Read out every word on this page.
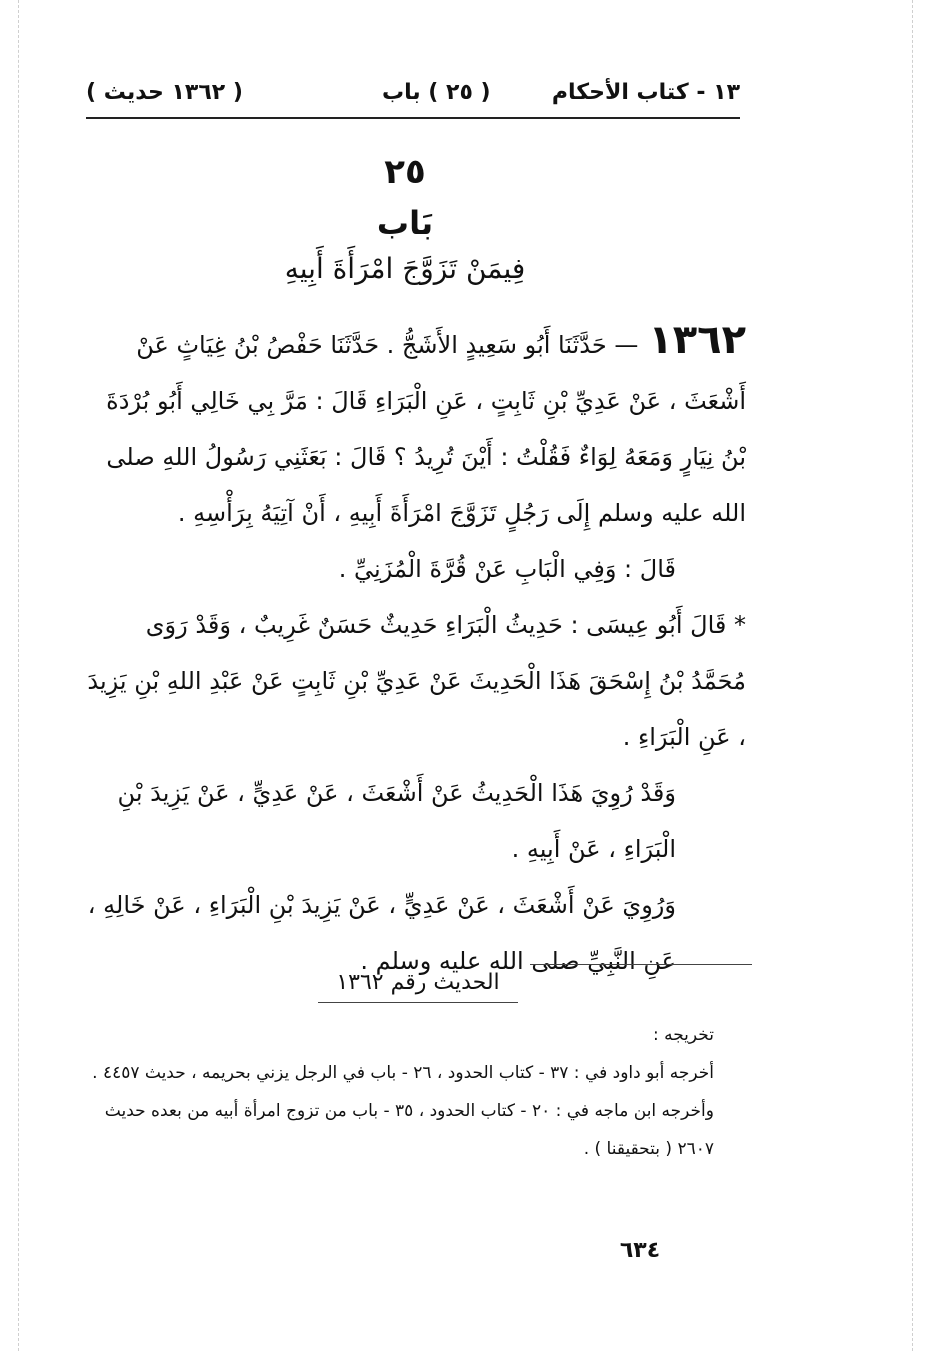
١٣ - كتاب الأحكام
( ٢٥ ) باب
( ١٣٦٢ حديث )
٢٥
بَاب
فِيمَنْ تَزَوَّجَ امْرَأَةَ أَبِيهِ

١٣٦٢— حَدَّثَنَا أَبُو سَعِيدٍ الأَشَجُّ . حَدَّثَنَا حَفْصُ بْنُ غِيَاثٍ عَنْ أَشْعَثَ ، عَنْ عَدِيِّ بْنِ ثَابِتٍ ، عَنِ الْبَرَاءِ قَالَ : مَرَّ بِي خَالِي أَبُو بُرْدَةَ بْنُ نِيَارٍ وَمَعَهُ لِوَاءٌ فَقُلْتُ : أَيْنَ تُرِيدُ ؟ قَالَ : بَعَثَنِي رَسُولُ اللهِ صلى الله عليه وسلم إِلَى رَجُلٍ تَزَوَّجَ امْرَأَةَ أَبِيهِ ، أَنْ آتِيَهُ بِرَأْسِهِ .

قَالَ : وَفِي الْبَابِ عَنْ قُرَّةَ الْمُزَنِيِّ .

* قَالَ أَبُو عِيسَى : حَدِيثُ الْبَرَاءِ حَدِيثٌ حَسَنٌ غَرِيبٌ ، وَقَدْ رَوَى مُحَمَّدُ بْنُ إِسْحَقَ هَذَا الْحَدِيثَ عَنْ عَدِيِّ بْنِ ثَابِتٍ عَنْ عَبْدِ اللهِ بْنِ يَزِيدَ ، عَنِ الْبَرَاءِ .

وَقَدْ رُوِيَ هَذَا الْحَدِيثُ عَنْ أَشْعَثَ ، عَنْ عَدِيٍّ ، عَنْ يَزِيدَ بْنِ الْبَرَاءِ ، عَنْ أَبِيهِ .

وَرُوِيَ عَنْ أَشْعَثَ ، عَنْ عَدِيٍّ ، عَنْ يَزِيدَ بْنِ الْبَرَاءِ ، عَنْ خَالِهِ ، عَنِ النَّبِيِّ صلى الله عليه وسلم .

الحديث رقم ١٣٦٢

تخريجه :

أخرجه أبو داود في : ٣٧ - كتاب الحدود ، ٢٦ - باب في الرجل يزني بحريمه ، حديث ٤٤٥٧ .

وأخرجه ابن ماجه في : ٢٠ - كتاب الحدود ، ٣٥ - باب من تزوج امرأة أبيه من بعده حديث ٢٦٠٧ ( بتحقيقنا ) .

٦٣٤
